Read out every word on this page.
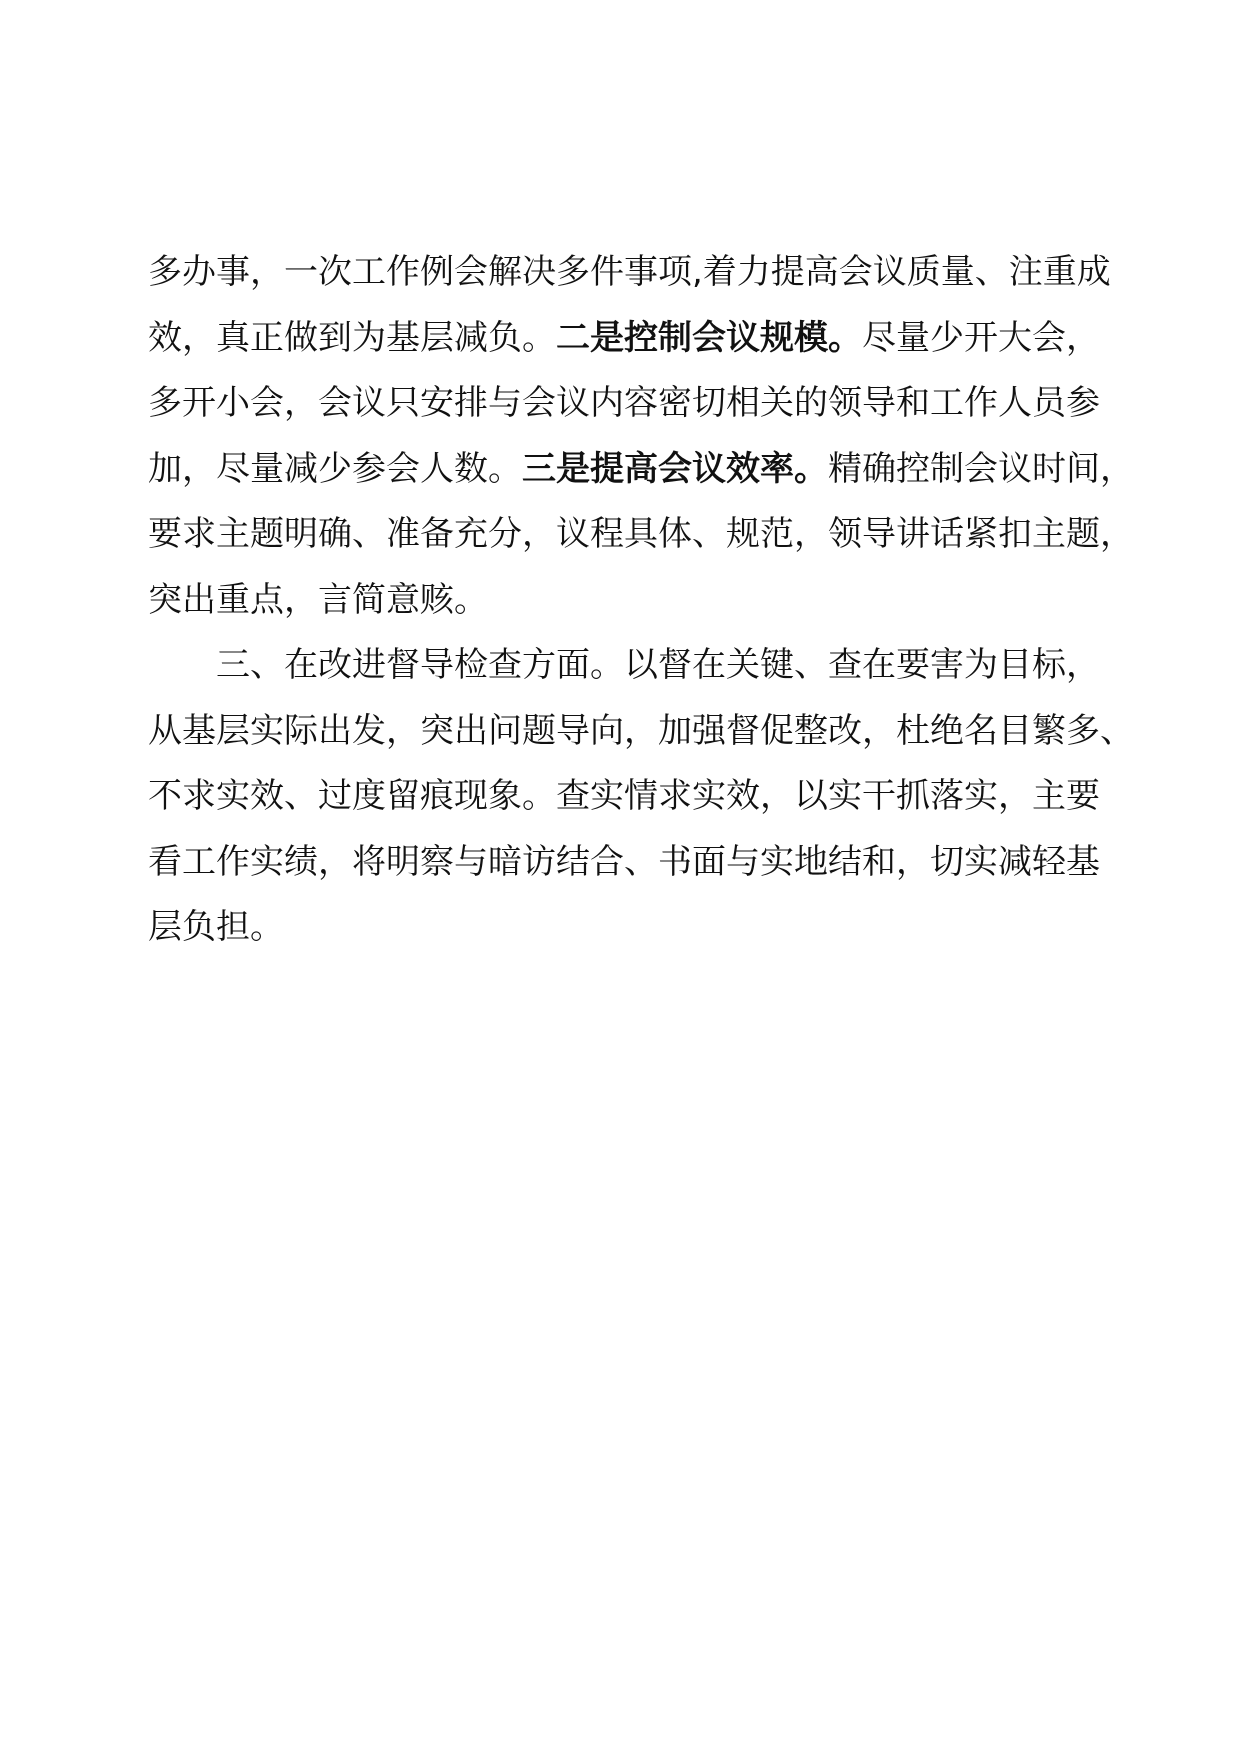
多办事，一次工作例会解决多件事项,着力提高会议质量、注重成
效，真正做到为基层减负。二是控制会议规模。尽量少开大会，
多开小会，会议只安排与会议内容密切相关的领导和工作人员参
加，尽量减少参会人数。三是提高会议效率。精确控制会议时间，
要求主题明确、准备充分，议程具体、规范，领导讲话紧扣主题，
突出重点，言简意赅。
三、在改进督导检查方面。以督在关键、查在要害为目标，
从基层实际出发，突出问题导向，加强督促整改，杜绝名目繁多、
不求实效、过度留痕现象。查实情求实效，以实干抓落实，主要
看工作实绩，将明察与暗访结合、书面与实地结和，切实减轻基
层负担。
